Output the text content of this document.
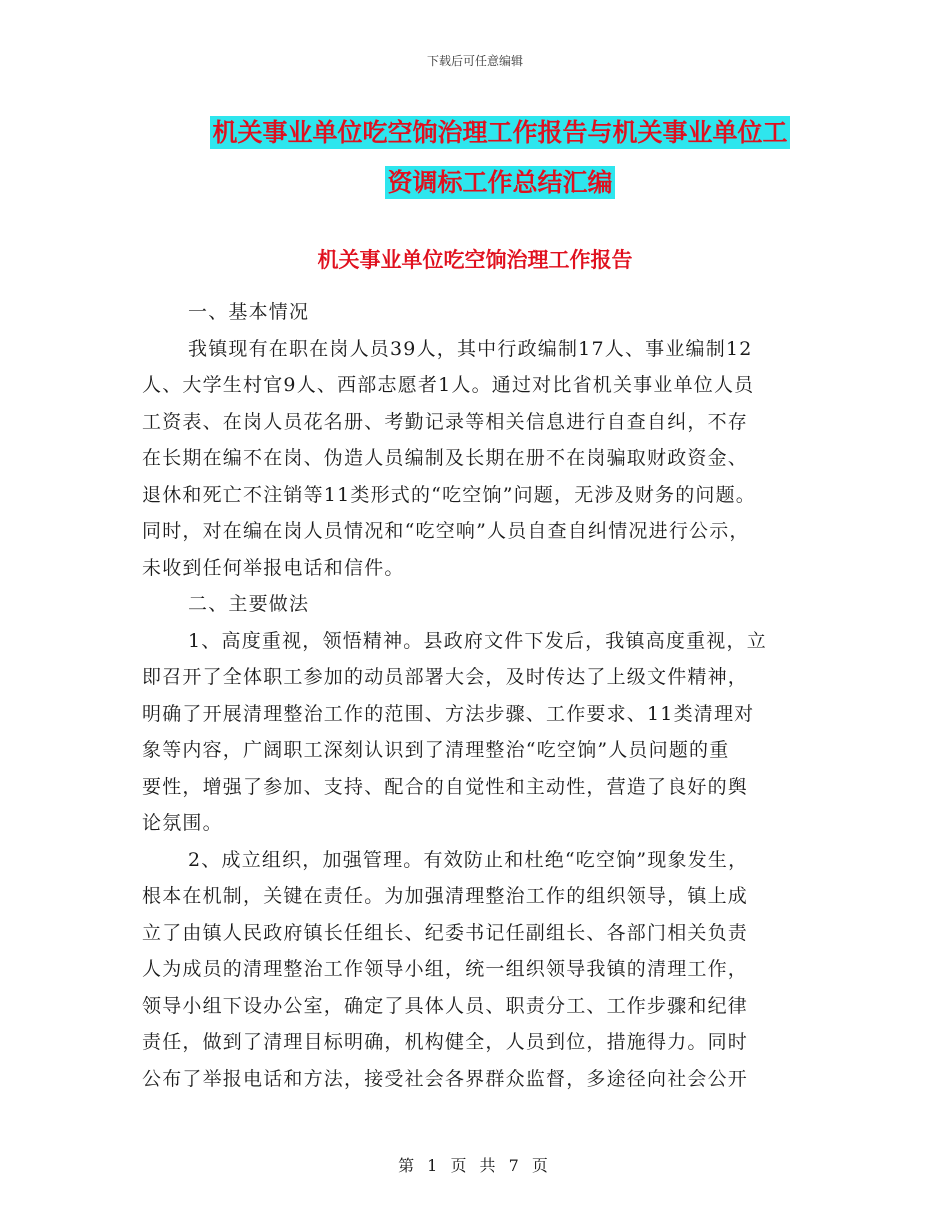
下载后可任意编辑
机关事业单位吃空饷治理工作报告与机关事业单位工
资调标工作总结汇编
机关事业单位吃空饷治理工作报告
一、基本情况
我镇现有在职在岗人员39人，其中行政编制17人、事业编制12
人、大学生村官9人、西部志愿者1人。通过对比省机关事业单位人员
工资表、在岗人员花名册、考勤记录等相关信息进行自查自纠，不存
在长期在编不在岗、伪造人员编制及长期在册不在岗骗取财政资金、
退休和死亡不注销等11类形式的“吃空饷”问题，无涉及财务的问题。
同时，对在编在岗人员情况和“吃空响”人员自查自纠情况进行公示，
未收到任何举报电话和信件。
二、主要做法
1、高度重视，领悟精神。县政府文件下发后，我镇高度重视，立
即召开了全体职工参加的动员部署大会，及时传达了上级文件精神，
明确了开展清理整治工作的范围、方法步骤、工作要求、11类清理对
象等内容，广阔职工深刻认识到了清理整治“吃空饷”人员问题的重
要性，增强了参加、支持、配合的自觉性和主动性，营造了良好的舆
论氛围。
2、成立组织，加强管理。有效防止和杜绝“吃空饷”现象发生，
根本在机制，关键在责任。为加强清理整治工作的组织领导，镇上成
立了由镇人民政府镇长任组长、纪委书记任副组长、各部门相关负责
人为成员的清理整治工作领导小组，统一组织领导我镇的清理工作，
领导小组下设办公室，确定了具体人员、职责分工、工作步骤和纪律
责任，做到了清理目标明确，机构健全，人员到位，措施得力。同时
公布了举报电话和方法，接受社会各界群众监督，多途径向社会公开
第 1 页 共 7 页
